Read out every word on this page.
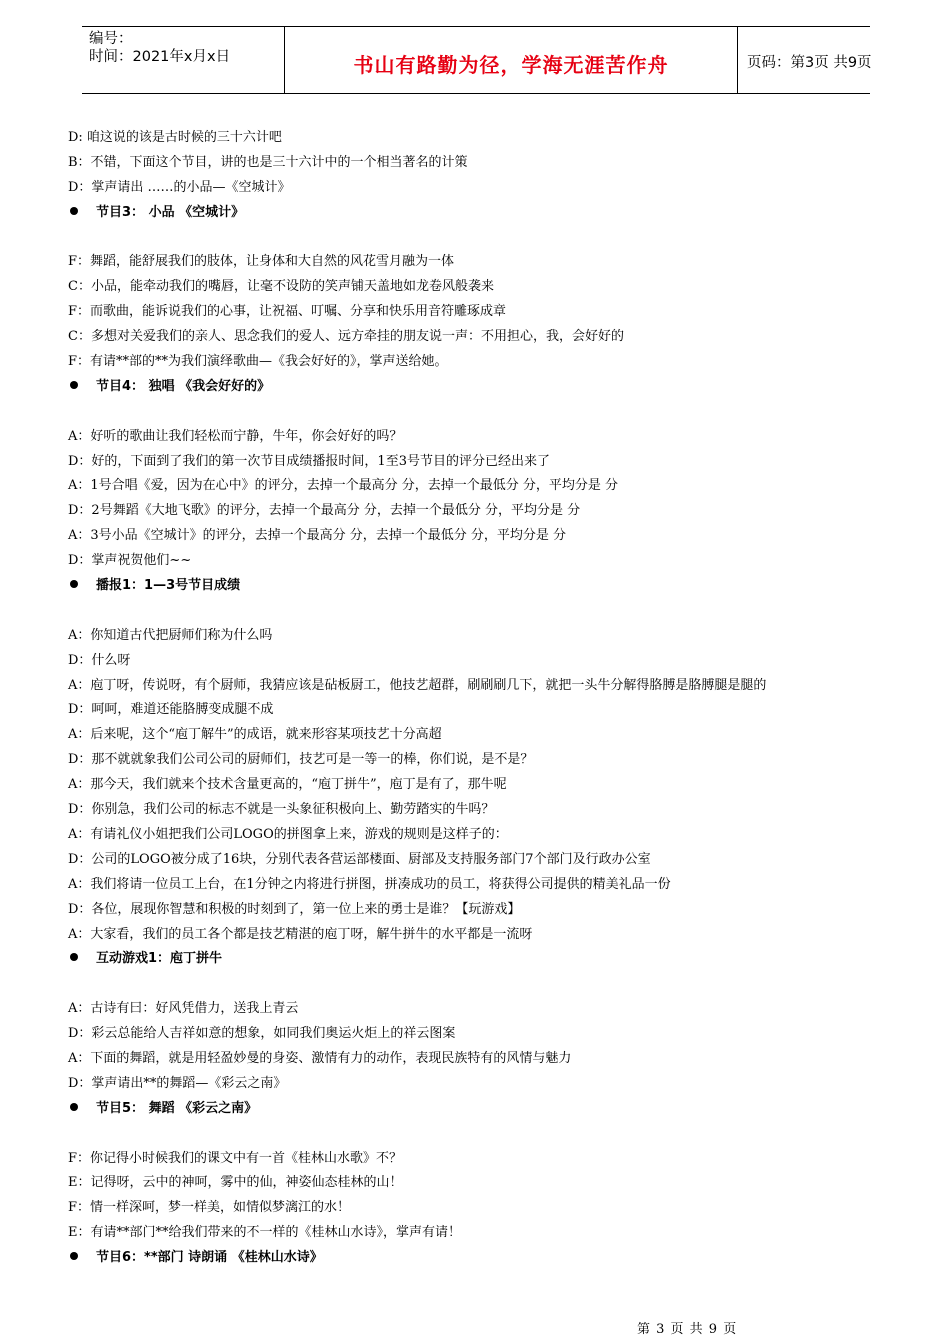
编号：
时间：2021年x月x日	书山有路勤为径，学海无涯苦作舟	页码：第3页 共9页
D: 咱这说的该是古时候的三十六计吧
B：不错，下面这个节目，讲的也是三十六计中的一个相当著名的计策
D：掌声请出 ……的小品—《空城计》
节目3： 小品 《空城计》
F：舞蹈，能舒展我们的肢体，让身体和大自然的风花雪月融为一体
C：小品，能牵动我们的嘴唇，让毫不设防的笑声铺天盖地如龙卷风般袭来
F：而歌曲，能诉说我们的心事，让祝福、叮嘱、分享和快乐用音符雕琢成章
C：多想对关爱我们的亲人、思念我们的爱人、远方牵挂的朋友说一声：不用担心，我，会好好的
F：有请**部的**为我们演绎歌曲—《我会好好的》，掌声送给她。
节目4： 独唱 《我会好好的》
A：好听的歌曲让我们轻松而宁静，牛年，你会好好的吗？
D：好的，下面到了我们的第一次节目成绩播报时间，1至3号节目的评分已经出来了
A：1号合唱《爱，因为在心中》的评分，去掉一个最高分 分，去掉一个最低分 分，平均分是 分
D：2号舞蹈《大地飞歌》的评分，去掉一个最高分 分，去掉一个最低分 分，平均分是 分
A：3号小品《空城计》的评分，去掉一个最高分 分，去掉一个最低分 分，平均分是 分
D：掌声祝贺他们~~
播报1：1—3号节目成绩
A：你知道古代把厨师们称为什么吗
D：什么呀
A：庖丁呀，传说呀，有个厨师，我猜应该是砧板厨工，他技艺超群，刷刷刷几下，就把一头牛分解得胳膊是胳膊腿是腿的
D：呵呵，难道还能胳膊变成腿不成
A：后来呢，这个“庖丁解牛”的成语，就来形容某项技艺十分高超
D：那不就就象我们公司公司的厨师们，技艺可是一等一的棒，你们说，是不是？
A：那今天，我们就来个技术含量更高的，“庖丁拼牛”，庖丁是有了，那牛呢
D：你别急，我们公司的标志不就是一头象征积极向上、勤劳踏实的牛吗？
A：有请礼仪小姐把我们公司LOGO的拼图拿上来，游戏的规则是这样子的：
D：公司的LOGO被分成了16块，分别代表各营运部楼面、厨部及支持服务部门7个部门及行政办公室
A：我们将请一位员工上台，在1分钟之内将进行拼图，拼凑成功的员工，将获得公司提供的精美礼品一份
D：各位，展现你智慧和积极的时刻到了，第一位上来的勇士是谁？【玩游戏】
A：大家看，我们的员工各个都是技艺精湛的庖丁呀，解牛拼牛的水平都是一流呀
互动游戏1：庖丁拼牛
A：古诗有曰：好风凭借力，送我上青云
D：彩云总能给人吉祥如意的想象，如同我们奥运火炬上的祥云图案
A：下面的舞蹈，就是用轻盈妙曼的身姿、激情有力的动作，表现民族特有的风情与魅力
D：掌声请出**的舞蹈—《彩云之南》
节目5： 舞蹈 《彩云之南》
F：你记得小时候我们的课文中有一首《桂林山水歌》不？
E：记得呀，云中的神呵，雾中的仙，神姿仙态桂林的山！
F：情一样深呵，梦一样美，如情似梦漓江的水！
E：有请**部门**给我们带来的不一样的《桂林山水诗》，掌声有请！
节目6：**部门 诗朗诵 《桂林山水诗》
第 3 页 共 9 页
